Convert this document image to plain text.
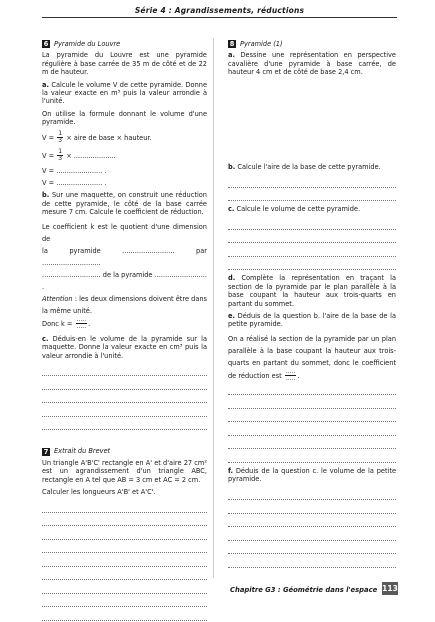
Série 4 : Agrandissements, réductions
6 Pyramide du Louvre

La pyramide du Louvre est une pyramide régulière à base carrée de 35 m de côté et de 22 m de hauteur.

a. Calcule le volume V de cette pyramide. Donne la valeur exacte en m³ puis la valeur arrondie à l'unité.

On utilise la formule donnant le volume d'une pyramide.

$V = \frac{1}{3}$ × aire de base × hauteur.
$V = \frac{1}{3}$ × ....................

V = ...................... .

V = ...................... .

b. Sur une maquette, on construit une réduction de cette pyramide, le côté de la base carrée mesure 7 cm. Calcule le coefficient de réduction.

Le coefficient k est le quotient d'une dimension de

la pyramide ......................... par ............................

............................ de la pyramide ......................... .

Attention : les deux dimensions doivent être dans la même unité.

Donc $k = \frac{.....}{.....}$ .

c. Déduis-en le volume de la pyramide sur la maquette. Donne la valeur exacte en cm³ puis la valeur arrondie à l'unité.

7 Extrait du Brevet

Un triangle A'B'C' rectangle en A' et d'aire 27 cm² est un agrandissement d'un triangle ABC, rectangle en A tel que AB = 3 cm et AC = 2 cm.

Calculer les longueurs A'B' et A'C'.

8 Pyramide (1)

a. Dessine une représentation en perspective cavalière d'une pyramide à base carrée, de hauteur 4 cm et de côté de base 2,4 cm.

b. Calcule l'aire de la base de cette pyramide.

c. Calcule le volume de cette pyramide.

d. Complète la représentation en traçant la section de la pyramide par le plan parallèle à la base coupant la hauteur aux trois-quarts en partant du sommet.

e. Déduis de la question b. l'aire de la base de la petite pyramide.

On a réalisé la section de la pyramide par un plan parallèle à la base coupant la hauteur aux trois-quarts en partant du sommet, donc le coefficient de réduction est $\frac{.....}{.....}$ .

f. Déduis de la question c. le volume de la petite pyramide.

Chapitre G3 : Géométrie dans l'espace 113
